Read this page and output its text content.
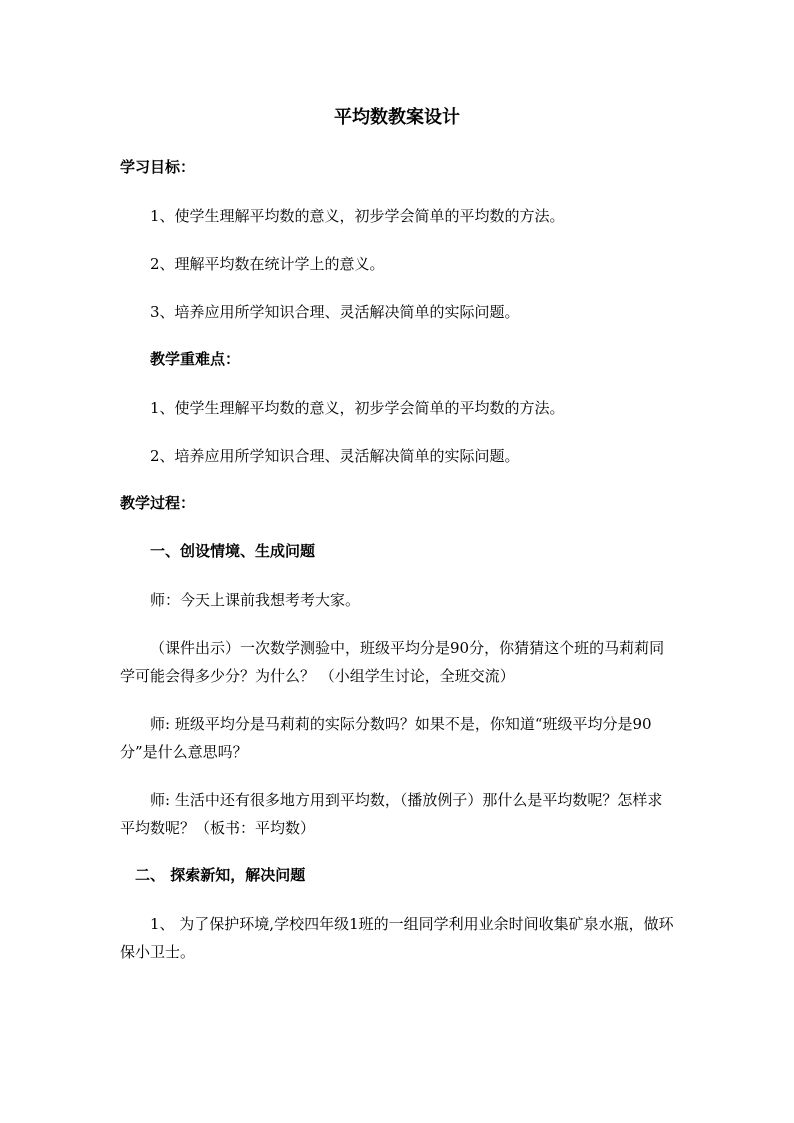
平均数教案设计
学习目标：

1、使学生理解平均数的意义，初步学会简单的平均数的方法。

2、理解平均数在统计学上的意义。

3、培养应用所学知识合理、灵活解决简单的实际问题。

教学重难点：

1、使学生理解平均数的意义，初步学会简单的平均数的方法。

2、培养应用所学知识合理、灵活解决简单的实际问题。

教学过程：
一、创设情境、生成问题

师：今天上课前我想考考大家。

（课件出示）一次数学测验中，班级平均分是90分，你猜猜这个班的马莉莉同学可能会得多少分？为什么？ （小组学生讨论，全班交流）

师: 班级平均分是马莉莉的实际分数吗？如果不是，你知道“班级平均分是90分”是什么意思吗？

师: 生活中还有很多地方用到平均数，（播放例子）那什么是平均数呢？怎样求平均数呢？（板书：平均数）

二、 探索新知，解决问题

1、 为了保护环境,学校四年级1班的一组同学利用业余时间收集矿泉水瓶，做环保小卫士。
